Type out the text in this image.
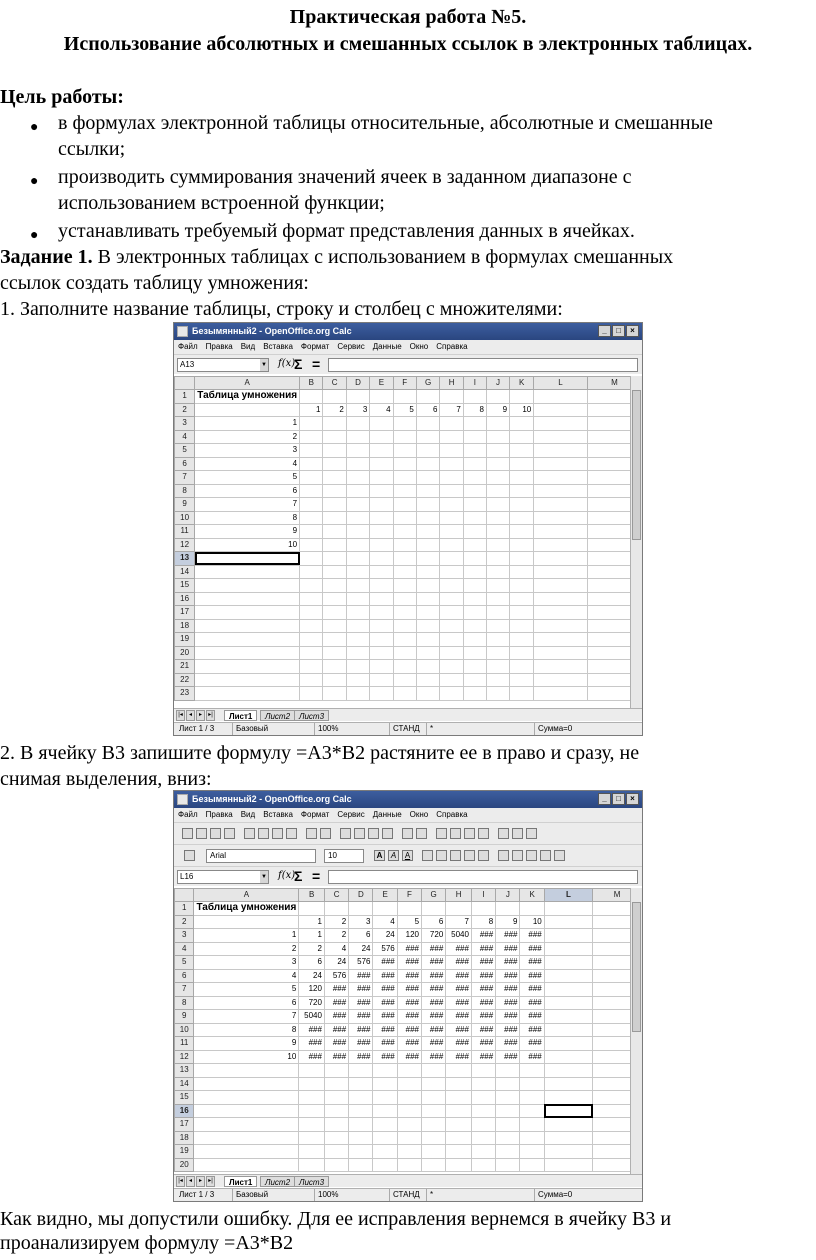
Практическая работа №5.
Использование абсолютных и смешанных ссылок в электронных таблицах.
Цель работы:
● в формулах электронной таблицы относительные, абсолютные и смешанные
ссылки;
● производить суммирования значений ячеек в заданном диапазоне с
использованием встроенной функции;
● устанавливать требуемый формат представления данных в ячейках.
Задание 1. В электронных таблицах с использованием в формулах смешанных
ссылок создать таблицу умножения:
1. Заполните название таблицы, строку и столбец с множителями:
2. В ячейку B3 запишите формулу =A3*B2 растяните ее в право и сразу, не
снимая выделения, вниз:
Как видно, мы допустили ошибку. Для ее исправления вернемся в ячейку B3 и
проанализируем формулу =A3*B2
Безымянный2 - OpenOffice.org Calc	_	□	×
Файл Правка Вид Вставка Формат Сервис Данные Окно Справка
A13	▼ f(x)
Σ =
	A	B	C	D	E	F	G	H	I	J	K	L	M
1	Таблица умножения												
2		1	2	3	4	5	6	7	8	9	10		
3	1												
4	2												
5	3												
6	4												
7	5												
8	6												
9	7												
10	8												
11	9												
12	10												
13													
14													
15													
16													
17													
18													
19													
20													
21													
22													
23													
|◂	◂	▸	▸|	Лист1	Лист2	Лист3
Лист 1 / 3	Базовый	100%	СТАНД	*	Сумма=0
Безымянный2 - OpenOffice.org Calc	_	□	×
Файл Правка Вид Вставка Формат Сервис Данные Окно Справка
Arial	10	A	A	A
L16	▼ f(x)
Σ =
	A	B	C	D	E	F	G	H	I	J	K	L	M
1	Таблица умножения												
2		1	2	3	4	5	6	7	8	9	10		
3	1	1	2	6	24	120	720	5040	###	###	###		
4	2	2	4	24	576	###	###	###	###	###	###		
5	3	6	24	576	###	###	###	###	###	###	###		
6	4	24	576	###	###	###	###	###	###	###	###		
7	5	120	###	###	###	###	###	###	###	###	###		
8	6	720	###	###	###	###	###	###	###	###	###		
9	7	5040	###	###	###	###	###	###	###	###	###		
10	8	###	###	###	###	###	###	###	###	###	###		
11	9	###	###	###	###	###	###	###	###	###	###		
12	10	###	###	###	###	###	###	###	###	###	###		
13													
14													
15													
16													
17													
18													
19													
20													
|◂	◂	▸	▸|	Лист1	Лист2	Лист3
Лист 1 / 3	Базовый	100%	СТАНД	*	Сумма=0
